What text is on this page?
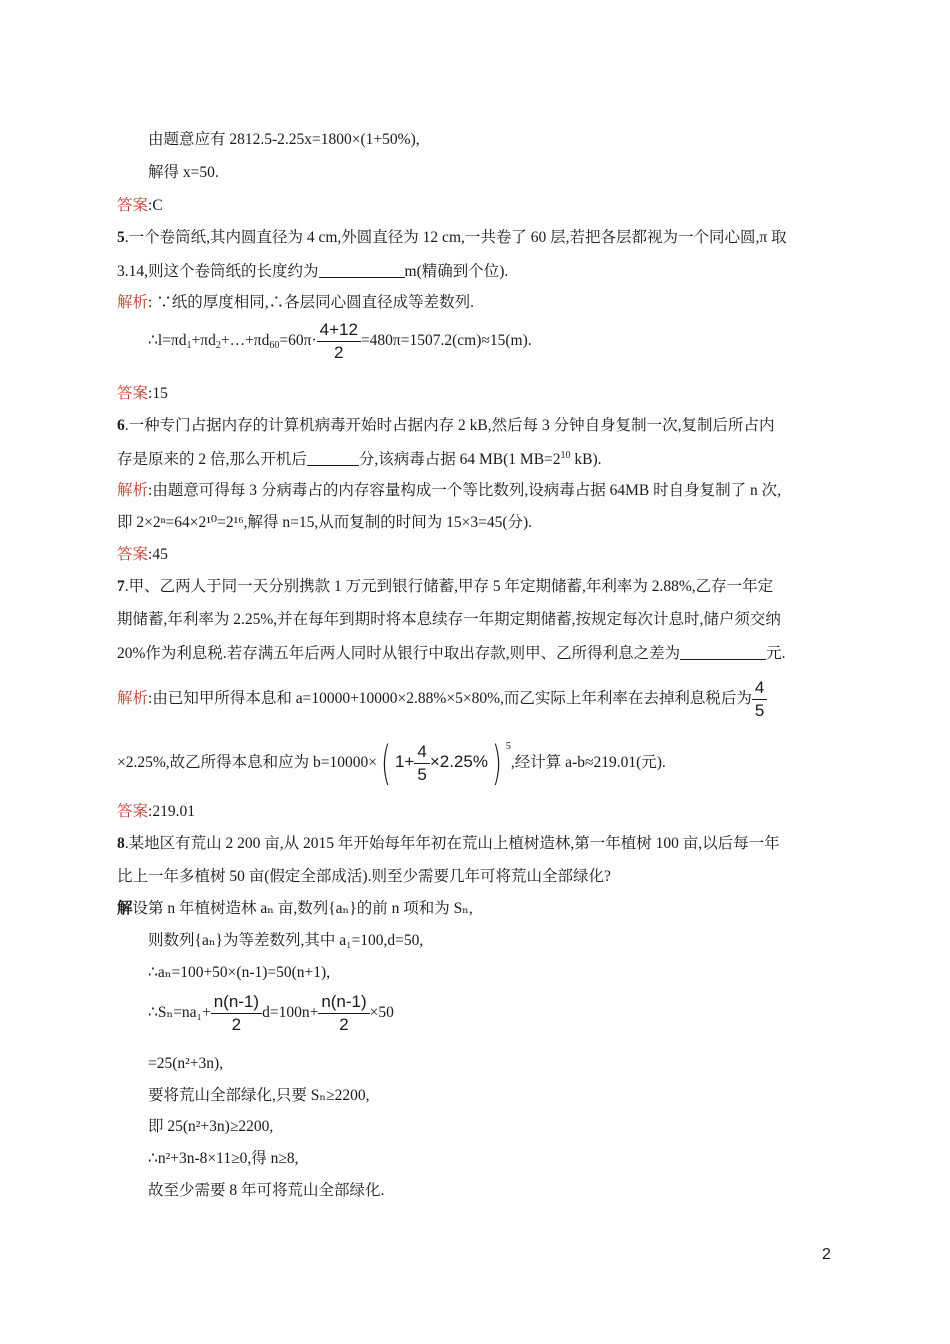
由题意应有 2812.5-2.25x=1800×(1+50%),
解得 x=50.
答案:C
5.一个卷筒纸,其内圆直径为 4 cm,外圆直径为 12 cm,一共卷了 60 层,若把各层都视为一个同心圆,π 取
3.14,则这个卷筒纸的长度约为	m(精确到个位).
解析: ∵纸的厚度相同,∴各层同心圆直径成等差数列.
$\therefore l=\pi d_1+\pi d_2+\dots+\pi d_{60}=60\pi\cdot \frac{4+12}{2} =480\pi=1507.2(cm)\approx 15(m)$.
答案:15
6.一种专门占据内存的计算机病毒开始时占据内存 2 kB,然后每 3 分钟自身复制一次,复制后所占内
存是原来的 2 倍,那么开机后	分,该病毒占据 64 MB(1 $MB=2^{10}$ kB).
解析:由题意可得每 3 分病毒占的内存容量构成一个等比数列,设病毒占据 64MB 时自身复制了 n 次,
即 2×2ⁿ=64×2¹⁰=2¹⁶,解得 n=15,从而复制的时间为 15×3=45(分).
答案:45
7.甲、乙两人于同一天分别携款 1 万元到银行储蓄,甲存 5 年定期储蓄,年利率为 2.88%,乙存一年定
期储蓄,年利率为 2.25%,并在每年到期时将本息续存一年期定期储蓄,按规定每次计息时,储户须交纳
20%作为利息税.若存满五年后两人同时从银行中取出存款,则甲、乙所得利息之差为	元.
解析:由已知甲所得本息和 a=10000+10000×2.88%×5×80%,而乙实际上年利率在去掉利息税后为 $\frac{4}{5}$
×2.25%,故乙所得本息和应为 b=10000×( $1+ \frac{4}{5} \times 2.25\%$) $^5$,经计算 a-b≈219.01(元).
答案:219.01
8.某地区有荒山 2 200 亩,从 2015 年开始每年年初在荒山上植树造林,第一年植树 100 亩,以后每一年
比上一年多植树 50 亩(假定全部成活).则至少需要几年可将荒山全部绿化?
解设第 n 年植树造林 aₙ 亩,数列{aₙ}的前 n 项和为 Sₙ,
则数列{aₙ}为等差数列,其中 a₁=100,d=50,
∴aₙ=100+50×(n-1)=50(n+1),
∴Sₙ=na₁+ $\frac{n(n-1)}{2} d=100n+ \frac{n(n-1)}{2} \times 50$
=25(n²+3n),
要将荒山全部绿化,只要 Sₙ≥2200,
即 25(n²+3n)≥2200,
∴n²+3n-8×11≥0,得 n≥8,
故至少需要 8 年可将荒山全部绿化.
2
